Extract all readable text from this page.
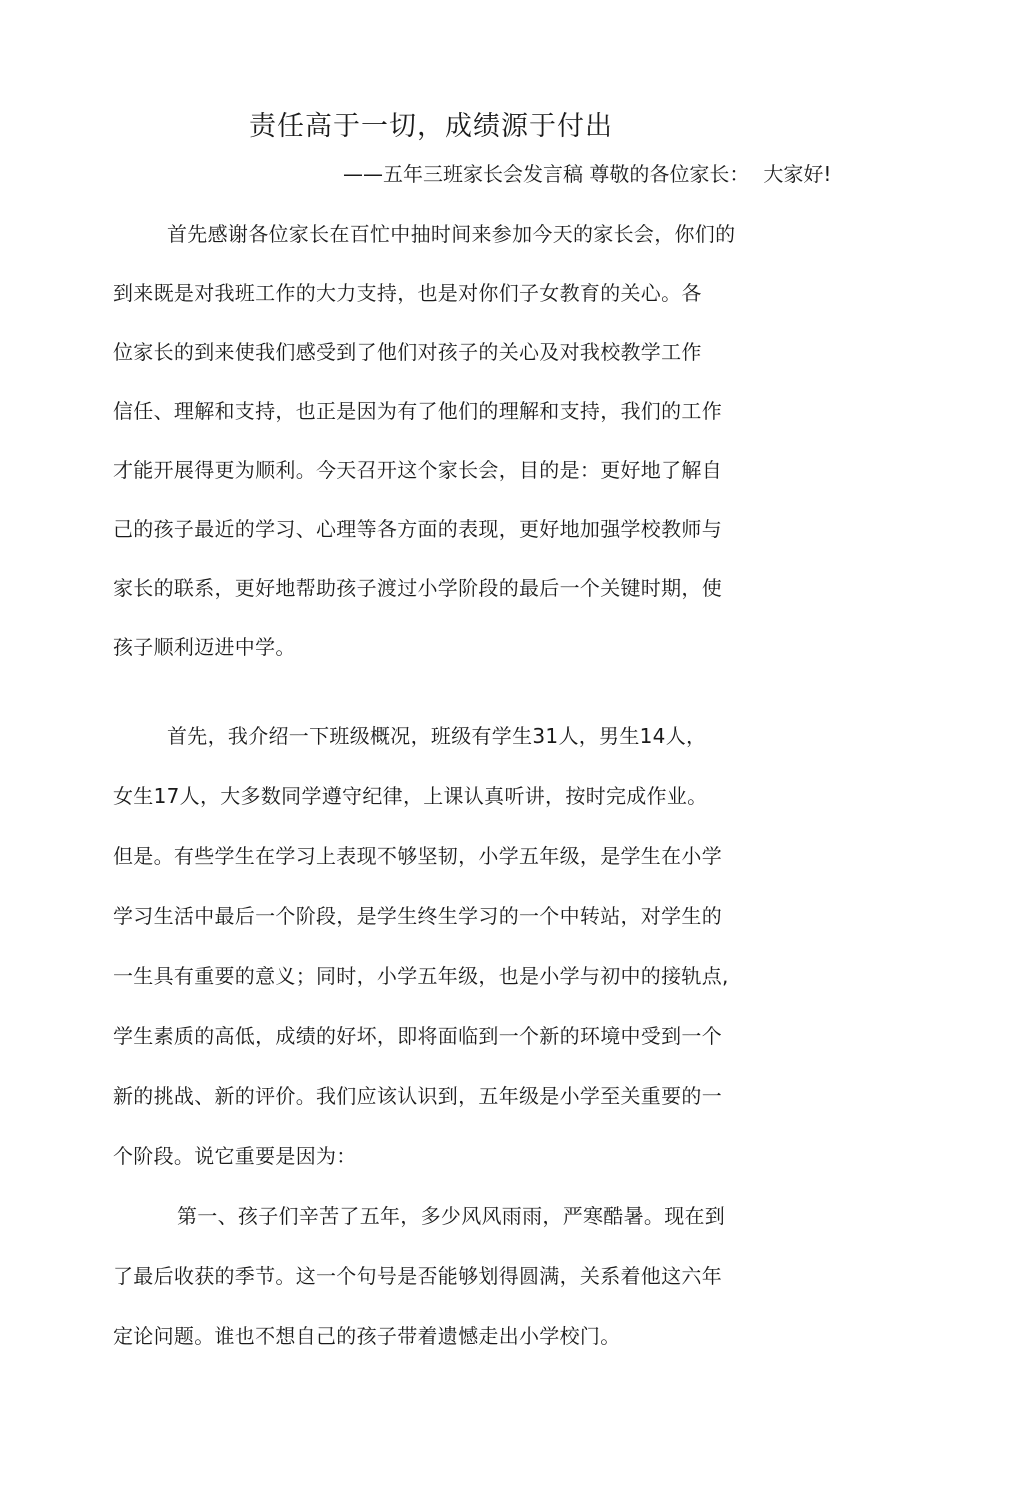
责任高于一切，成绩源于付出
——五年三班家长会发言稿 尊敬的各位家长： 大家好!
首先感谢各位家长在百忙中抽时间来参加今天的家长会，你们的
到来既是对我班工作的大力支持，也是对你们子女教育的关心。各
位家长的到来使我们感受到了他们对孩子的关心及对我校教学工作
信任、理解和支持，也正是因为有了他们的理解和支持，我们的工作
才能开展得更为顺利。今天召开这个家长会，目的是：更好地了解自
己的孩子最近的学习、心理等各方面的表现，更好地加强学校教师与
家长的联系，更好地帮助孩子渡过小学阶段的最后一个关键时期，使
孩子顺利迈进中学。
首先，我介绍一下班级概况，班级有学生31人，男生14人，
女生17人，大多数同学遵守纪律，上课认真听讲，按时完成作业。
但是。有些学生在学习上表现不够坚韧，小学五年级，是学生在小学
学习生活中最后一个阶段，是学生终生学习的一个中转站，对学生的
一生具有重要的意义；同时，小学五年级，也是小学与初中的接轨点,
学生素质的高低，成绩的好坏，即将面临到一个新的环境中受到一个
新的挑战、新的评价。我们应该认识到，五年级是小学至关重要的一
个阶段。说它重要是因为：
第一、孩子们辛苦了五年，多少风风雨雨，严寒酷暑。现在到
了最后收获的季节。这一个句号是否能够划得圆满，关系着他这六年
定论问题。谁也不想自己的孩子带着遗憾走出小学校门。
